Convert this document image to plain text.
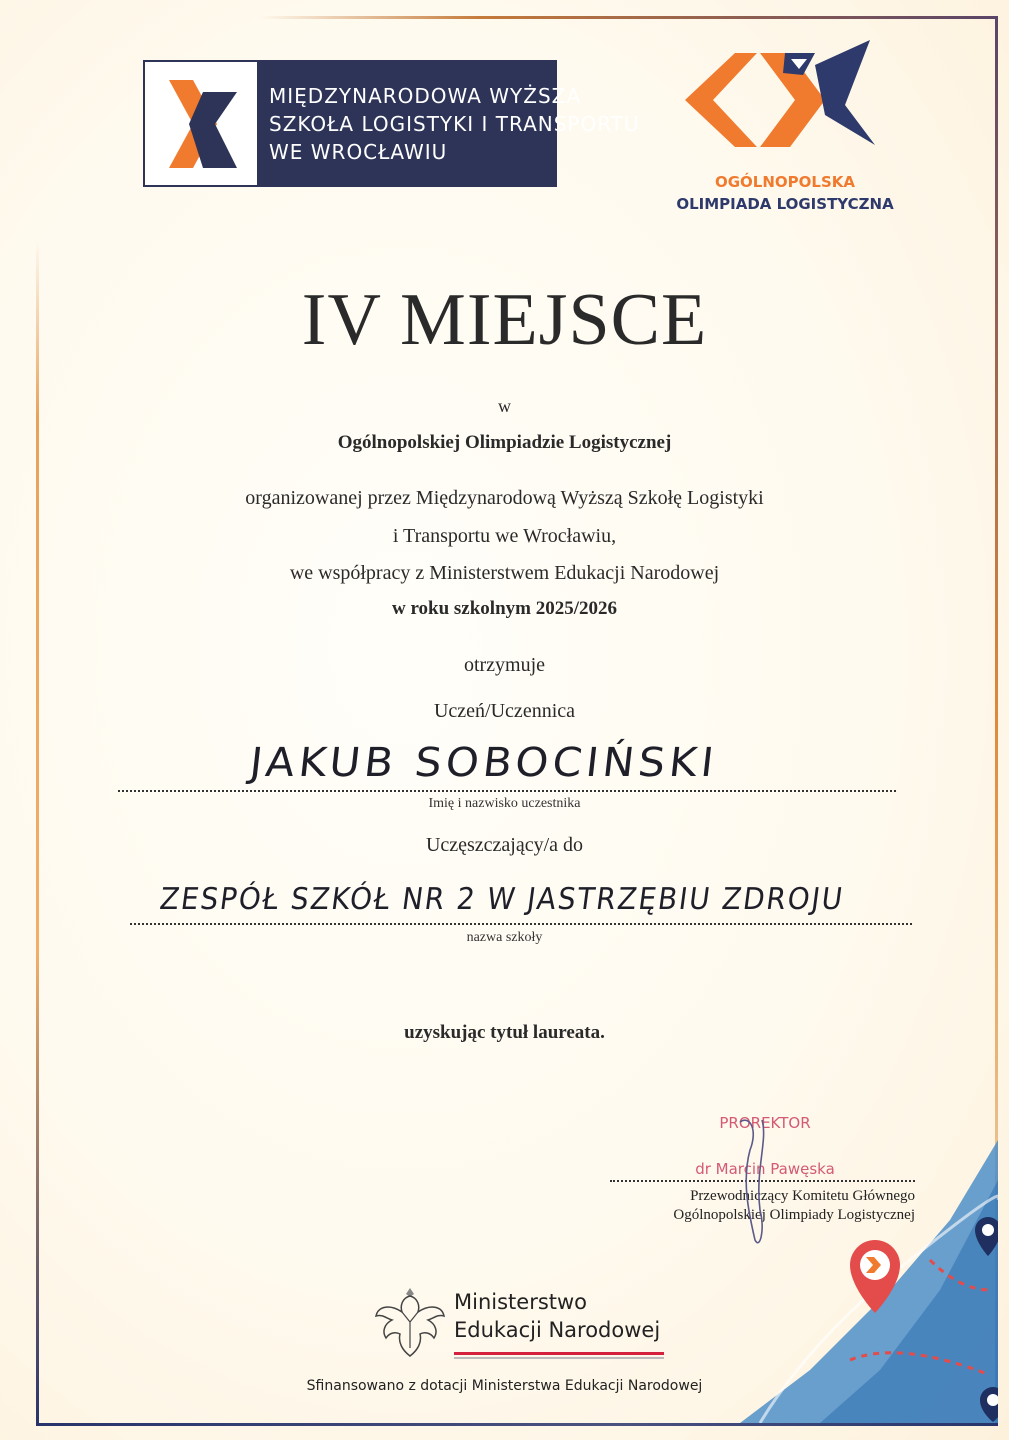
MIĘDZYNARODOWA WYŻSZA
SZKOŁA LOGISTYKI I TRANSPORTU
WE WROCŁAWIU
OGÓLNOPOLSKA
OLIMPIADA LOGISTYCZNA
IV MIEJSCE
w
Ogólnopolskiej Olimpiadzie Logistycznej
organizowanej przez Międzynarodową Wyższą Szkołę Logistyki
i Transportu we Wrocławiu,
we współpracy z Ministerstwem Edukacji Narodowej
w roku szkolnym 2025/2026
otrzymuje
Uczeń/Uczennica
JAKUB SOBOCIŃSKI
Imię i nazwisko uczestnika
Uczęszczający/a do
ZESPÓŁ SZKÓŁ NR 2 W JASTRZĘBIU ZDROJU
nazwa szkoły
uzyskując tytuł laureata.
PROREKTOR
dr Marcin Pawęska
Przewodniczący Komitetu Głównego
Ogólnopolskiej Olimpiady Logistycznej
Ministerstwo
Edukacji Narodowej
Sfinansowano z dotacji Ministerstwa Edukacji Narodowej
